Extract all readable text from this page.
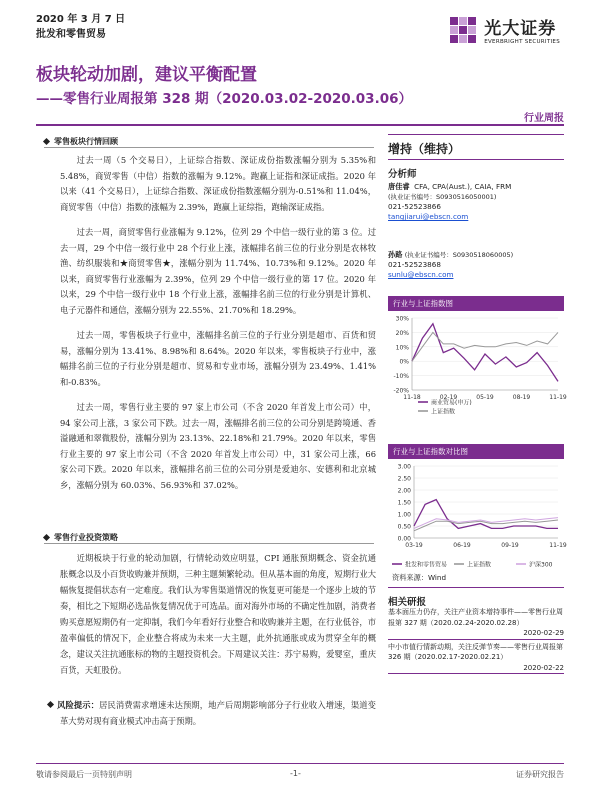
2020 年 3 月 7 日
批发和零售贸易	光大证券
EVERBRIGHT SECURITIES
板块轮动加剧，建议平衡配置
——零售行业周报第 328 期（2020.03.02-2020.03.06）
行业周报
零售板块行情回顾

过去一周（5 个交易日），上证综合指数、深证成份指数涨幅分别为 5.35%和 5.48%，商贸零售（中信）指数的涨幅为 9.12%。跑赢上证指和深证成指。2020 年以来（41 个交易日），上证综合指数、深证成份指数涨幅分别为-0.51%和 11.04%，商贸零售（中信）指数的涨幅为 2.39%，跑赢上证综指，跑输深证成指。

过去一周，商贸零售行业涨幅为 9.12%，位列 29 个中信一级行业的第 3 位。过去一周，29 个中信一级行业中 28 个行业上涨，涨幅排名前三位的行业分别是农林牧渔、纺织服装和★商贸零售★，涨幅分别为 11.74%、10.73%和 9.12%。2020 年以来，商贸零售行业涨幅为 2.39%，位列 29 个中信一级行业的第 17 位。2020 年以来，29 个中信一级行业中 18 个行业上涨，涨幅排名前三位的行业分别是计算机、电子元器件和通信，涨幅分别为 22.55%、21.70%和 18.29%。

过去一周，零售板块子行业中，涨幅排名前三位的子行业分别是超市、百货和贸易，涨幅分别为 13.41%、8.98%和 8.64%。2020 年以来，零售板块子行业中，涨幅排名前三位的子行业分别是超市、贸易和专业市场，涨幅分别为 23.49%、1.41%和-0.83%。

过去一周，零售行业主要的 97 家上市公司（不含 2020 年首发上市公司）中，94 家公司上涨，3 家公司下跌。过去一周，涨幅排名前三位的公司分别是跨境通、香溢融通和翠微股份，涨幅分别为 23.13%、22.18%和 21.79%。2020 年以来，零售行业主要的 97 家上市公司（不含 2020 年首发上市公司）中，31 家公司上涨，66 家公司下跌。2020 年以来，涨幅排名前三位的公司分别是爱迪尔、安德利和北京城乡，涨幅分别为 60.03%、56.93%和 37.02%。

零售行业投资策略

近期板块于行业的轮动加剧，行情轮动效应明显，CPI 通胀预期概念、资金抗通胀概念以及小百货收购兼并预期，三种主题频繁轮动。但从基本面的角度，短期行业大幅恢复提倡状态有一定难度。我们认为零售渠道情况的恢复更可能是一个逐步上坡的节奏，相比之下短期必选品恢复情况优于可选品。面对海外市场的不确定性加剧，消费者购买意愿短期仍有一定抑制，我们今年看好行业整合和收购兼并主题，在行业低谷，市盈率偏低的情况下，企业整合将成为未来一大主题，此外抗通胀或成为贯穿全年的概念，建议关注抗通胀标的物的主题投资机会。下周建议关注：苏宁易购，爱婴室，重庆百货，天虹股份。

风险提示：居民消费需求增速未达预期，地产后周期影响部分子行业收入增速，渠道变革大势对现有商业模式冲击高于预期。

增持（维持）
分析师
唐佳睿 CFA, CPA(Aust.), CAIA, FRM
(执业证书编号：S0930516050001)
021-52523866
tangjiarui@ebscn.com
孙路 (执业证书编号：S0930518060005)
021-52523868
sunlu@ebscn.com
行业与上证指数图
-20%
-10%
0%
10%
20%
30%
11-18	02-19	05-19	08-19	11-19
商业贸易(申万)
上证指数
行业与上证指数对比图
0.00
0.50
1.00
1.50
2.00
2.50
3.00
03-19	06-19	09-19	11-19
批发和零售贸易	上证指数	沪深300
资料来源：Wind
相关研报
基本面压力仍存，关注产业资本增持事件——零售行业周报第 327 期（2020.02.24-2020.02.28）
2020-02-29
中小市值行情新动期，关注反弹节奏——零售行业周报第 326 期（2020.02.17-2020.02.21）
2020-02-22
敬请参阅最后一页特别声明	-1-	证券研究报告
